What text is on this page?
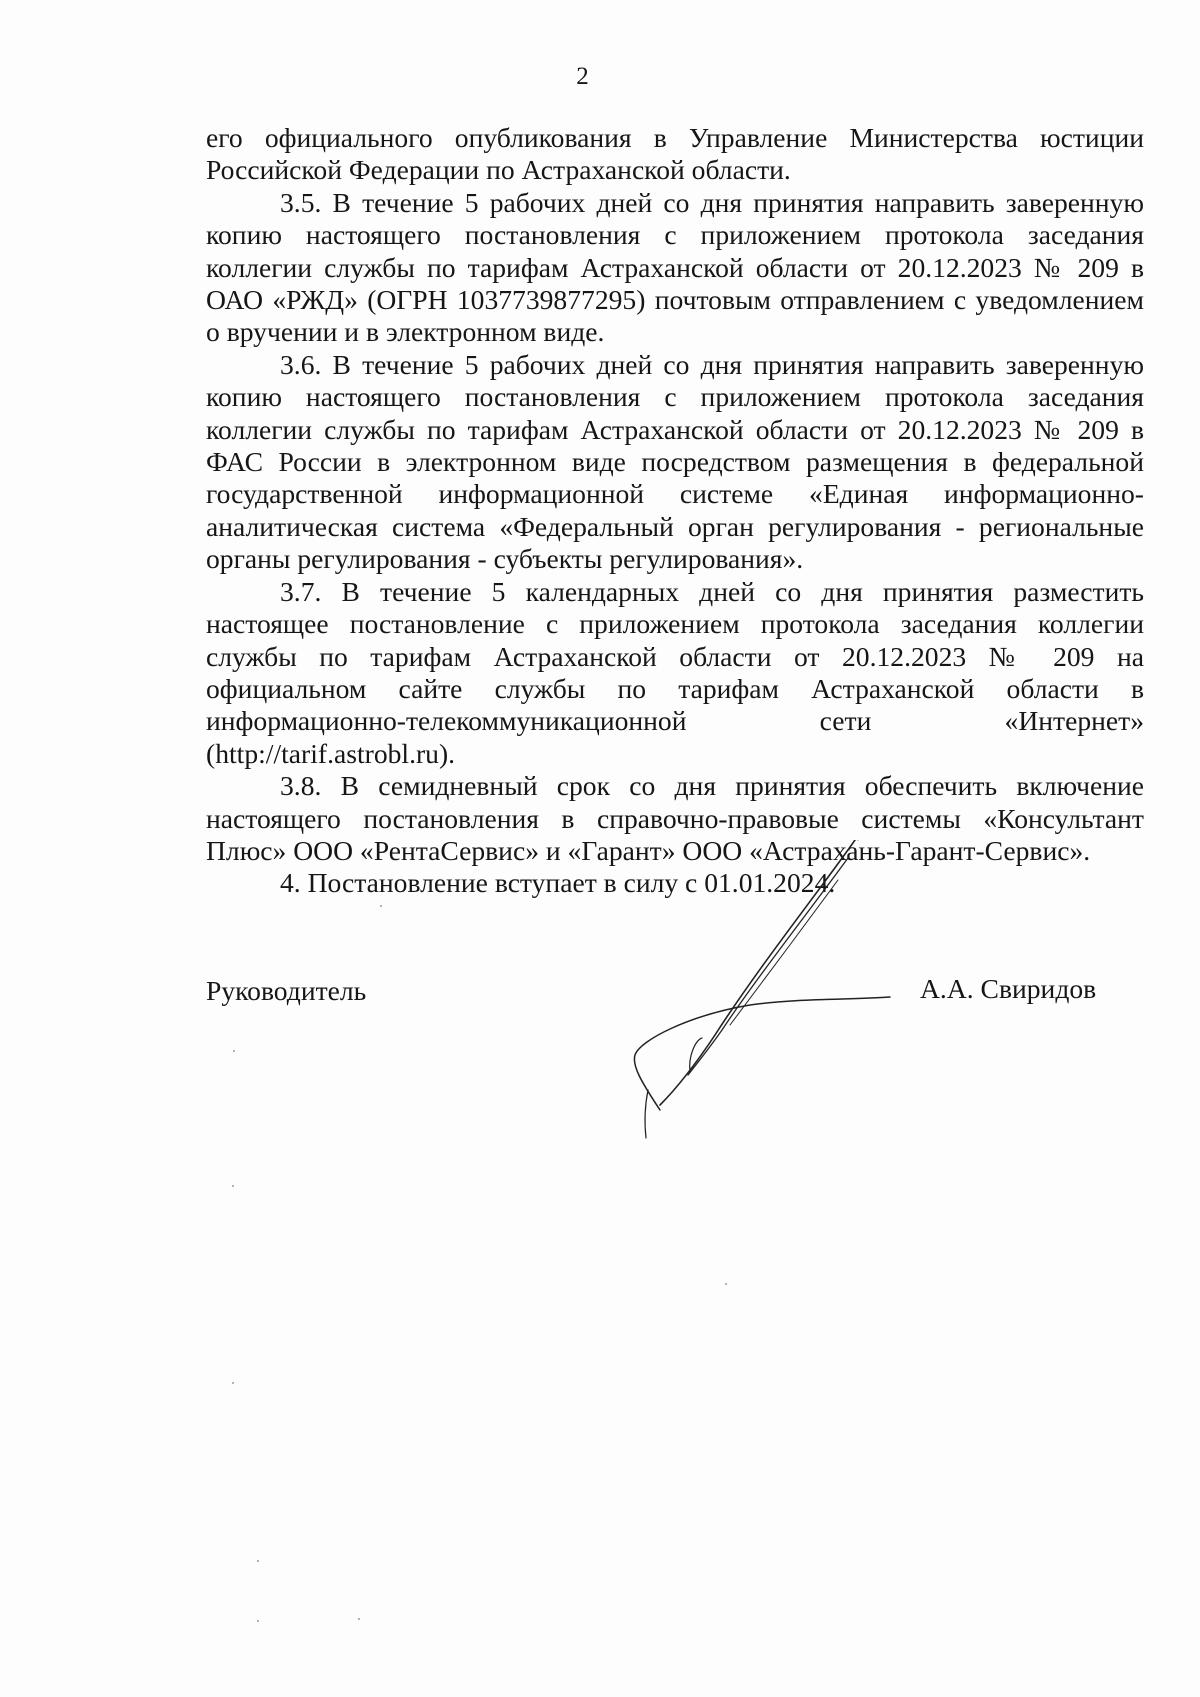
2

его официального опубликования в Управление Министерства юстиции Российской Федерации по Астраханской области.

3.5. В течение 5 рабочих дней со дня принятия направить заверенную копию настоящего постановления с приложением протокола заседания коллегии службы по тарифам Астраханской области от 20.12.2023 № 209 в ОАО «РЖД» (ОГРН 1037739877295) почтовым отправлением с уведомлением о вручении и в электронном виде.

3.6. В течение 5 рабочих дней со дня принятия направить заверенную копию настоящего постановления с приложением протокола заседания коллегии службы по тарифам Астраханской области от 20.12.2023 № 209 в ФАС России в электронном виде посредством размещения в федеральной государственной информационной системе «Единая информационно-аналитическая система «Федеральный орган регулирования - региональные органы регулирования - субъекты регулирования».

3.7. В течение 5 календарных дней со дня принятия разместить настоящее постановление с приложением протокола заседания коллегии службы по тарифам Астраханской области от 20.12.2023 № 209 на официальном сайте службы по тарифам Астраханской области в информационно-телекоммуникационной сети «Интернет» (http://tarif.astrobl.ru).

3.8. В семидневный срок со дня принятия обеспечить включение настоящего постановления в справочно-правовые системы «Консультант Плюс» ООО «РентаСервис» и «Гарант» ООО «Астрахань-Гарант-Сервис».

4. Постановление вступает в силу с 01.01.2024.

Руководитель	А.А. Свиридов
